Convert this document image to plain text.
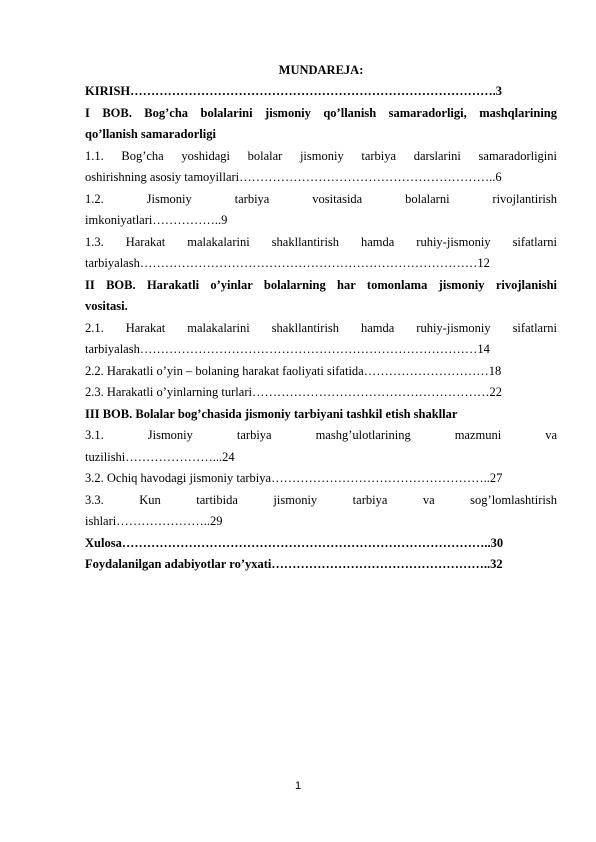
MUNDAREJA:
KIRISH…………………………………………………………………………….3
I BOB. Bog’cha bolalarini jismoniy qo’llanish samaradorligi, mashqlarining
qo’llanish samaradorligi
1.1. Bog’cha yoshidagi bolalar jismoniy tarbiya darslarini samaradorligini
oshirishning asosiy tamoyillari……………………………………………………..6
1.2. Jismoniy tarbiya vositasida bolalarni rivojlantirish
imkoniyatlari……………..9
1.3. Harakat malakalarini shakllantirish hamda ruhiy-jismoniy sifatlarni
tarbiyalash………………………………………………………………………12
II BOB. Harakatli o’yinlar bolalarning har tomonlama jismoniy rivojlanishi
vositasi.
2.1. Harakat malakalarini shakllantirish hamda ruhiy-jismoniy sifatlarni
tarbiyalash………………………………………………………………………14
2.2. Harakatli o’yin – bolaning harakat faoliyati sifatida…………………………18
2.3. Harakatli o’yinlarning turlari…………………………………………………22
III BOB. Bolalar bog’chasida jismoniy tarbiyani tashkil etish shakllar
3.1. Jismoniy tarbiya mashg’ulotlarining mazmuni va
tuzilishi…………………...24
3.2. Ochiq havodagi jismoniy tarbiya……………………………………………..27
3.3. Kun tartibida jismoniy tarbiya va sog’lomlashtirish
ishlari…………………..29
Xulosa……………………………………………………………………………..30
Foydalanilgan adabiyotlar ro’yxati……………………………………………..32
1
